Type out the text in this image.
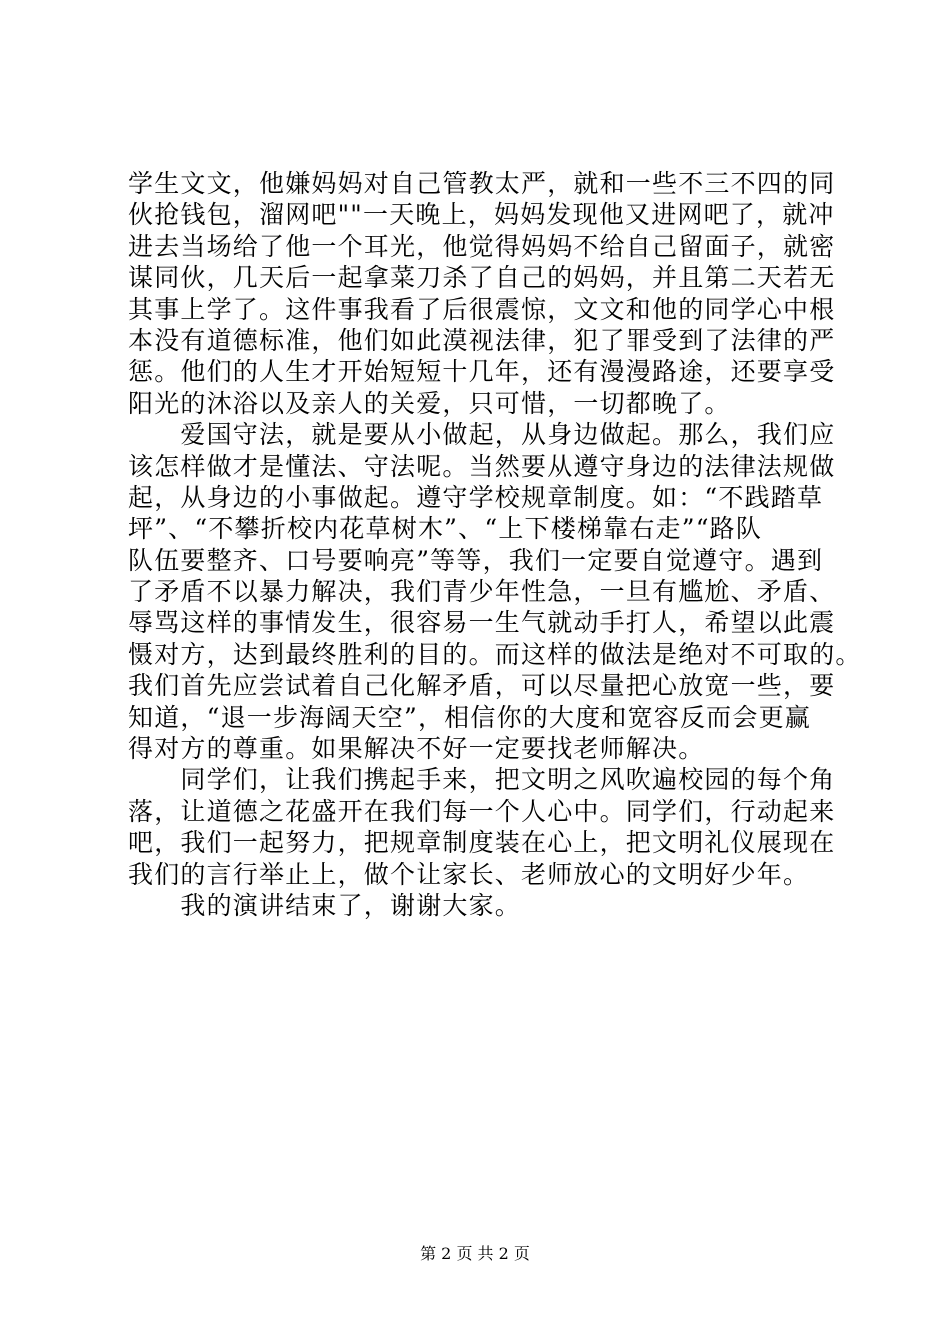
学生文文，他嫌妈妈对自己管教太严，就和一些不三不四的同
伙抢钱包，溜网吧""一天晚上，妈妈发现他又进网吧了，就冲
进去当场给了他一个耳光，他觉得妈妈不给自己留面子，就密
谋同伙，几天后一起拿菜刀杀了自己的妈妈，并且第二天若无
其事上学了。这件事我看了后很震惊，文文和他的同学心中根
本没有道德标准，他们如此漠视法律，犯了罪受到了法律的严
惩。他们的人生才开始短短十几年，还有漫漫路途，还要享受
阳光的沐浴以及亲人的关爱，只可惜，一切都晚了。
　　爱国守法，就是要从小做起，从身边做起。那么，我们应
该怎样做才是懂法、守法呢。当然要从遵守身边的法律法规做
起，从身边的小事做起。遵守学校规章制度。如：“不践踏草
坪”、“不攀折校内花草树木”、“上下楼梯靠右走”“路队
队伍要整齐、口号要响亮”等等，我们一定要自觉遵守。遇到
了矛盾不以暴力解决，我们青少年性急，一旦有尴尬、矛盾、
辱骂这样的事情发生，很容易一生气就动手打人，希望以此震
慑对方，达到最终胜利的目的。而这样的做法是绝对不可取的。
我们首先应尝试着自己化解矛盾，可以尽量把心放宽一些，要
知道，“退一步海阔天空”，相信你的大度和宽容反而会更赢
得对方的尊重。如果解决不好一定要找老师解决。
　　同学们，让我们携起手来，把文明之风吹遍校园的每个角
落，让道德之花盛开在我们每一个人心中。同学们，行动起来
吧，我们一起努力，把规章制度装在心上，把文明礼仪展现在
我们的言行举止上，做个让家长、老师放心的文明好少年。
　　我的演讲结束了，谢谢大家。
第 2 页 共 2 页
